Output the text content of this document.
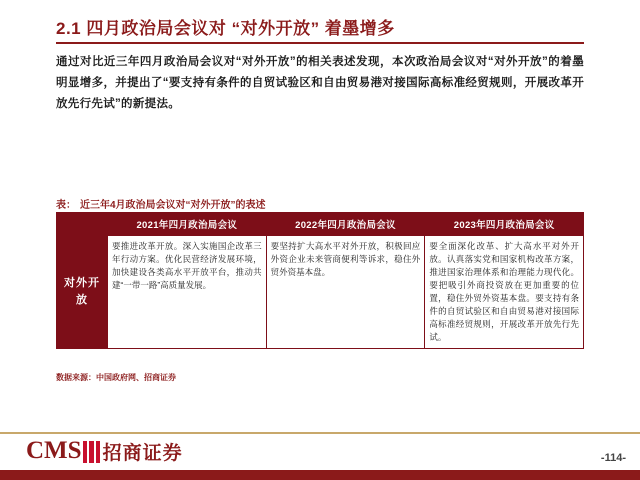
2.1 四月政治局会议对 “对外开放” 着墨增多
通过对比近三年四月政治局会议对“对外开放”的相关表述发现，本次政治局会议对“对外开放”的着墨明显增多，并提出了“要支持有条件的自贸试验区和自由贸易港对接国际高标准经贸规则，开展改革开放先行先试”的新提法。
表： 近三年4月政治局会议对“对外开放”的表述
	2021年四月政治局会议	2022年四月政治局会议	2023年四月政治局会议
对外开放	要推进改革开放。深入实施国企改革三年行动方案。优化民营经济发展环境，加快建设各类高水平开放平台，推动共建“一带一路”高质量发展。	要坚持扩大高水平对外开放，积极回应外资企业未来管商便利等诉求，稳住外贸外资基本盘。	要全面深化改革、扩大高水平对外开放。认真落实党和国家机构改革方案，推进国家治理体系和治理能力现代化。要把吸引外商投资放在更加重要的位置，稳住外贸外资基本盘。要支持有条件的自贸试验区和自由贸易港对接国际高标准经贸规则，开展改革开放先行先试。
数据来源：中国政府网、招商证券
CMS 招商证券	-114-
